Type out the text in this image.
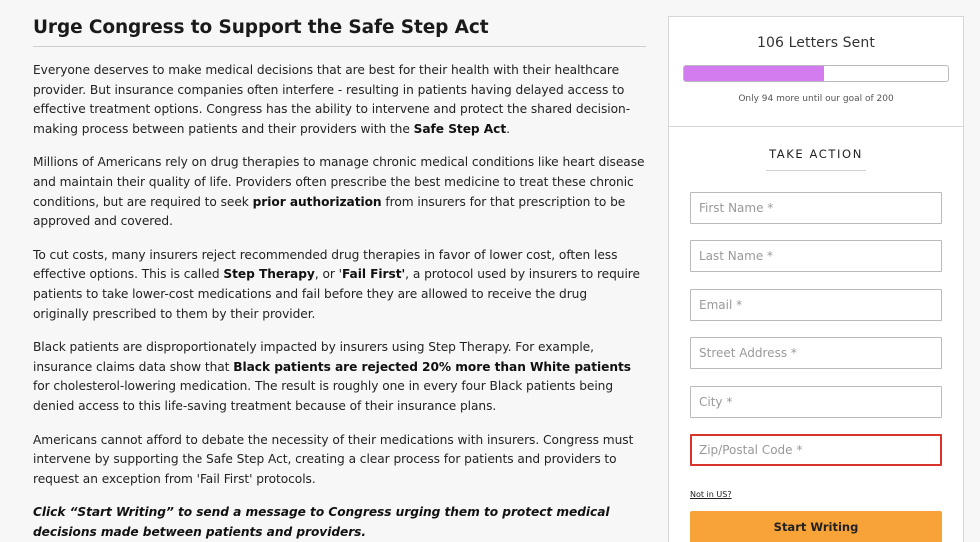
Urge Congress to Support the Safe Step Act

Everyone deserves to make medical decisions that are best for their health with their healthcare provider. But insurance companies often interfere - resulting in patients having delayed access to effective treatment options. Congress has the ability to intervene and protect the shared decision-making process between patients and their providers with the Safe Step Act.

Millions of Americans rely on drug therapies to manage chronic medical conditions like heart disease and maintain their quality of life. Providers often prescribe the best medicine to treat these chronic conditions, but are required to seek prior authorization from insurers for that prescription to be approved and covered.

To cut costs, many insurers reject recommended drug therapies in favor of lower cost, often less effective options. This is called Step Therapy, or 'Fail First', a protocol used by insurers to require patients to take lower-cost medications and fail before they are allowed to receive the drug originally prescribed to them by their provider.

Black patients are disproportionately impacted by insurers using Step Therapy. For example, insurance claims data show that Black patients are rejected 20% more than White patients for cholesterol-lowering medication. The result is roughly one in every four Black patients being denied access to this life-saving treatment because of their insurance plans.

Americans cannot afford to debate the necessity of their medications with insurers. Congress must intervene by supporting the Safe Step Act, creating a clear process for patients and providers to request an exception from 'Fail First' protocols.

Click “Start Writing” to send a message to Congress urging them to protect medical decisions made between patients and providers.

106 Letters Sent
Only 94 more until our goal of 200
TAKE ACTION
First Name *
Last Name *
Email *
Street Address *
City *
Zip/Postal Code *
Not in US?
Start Writing
